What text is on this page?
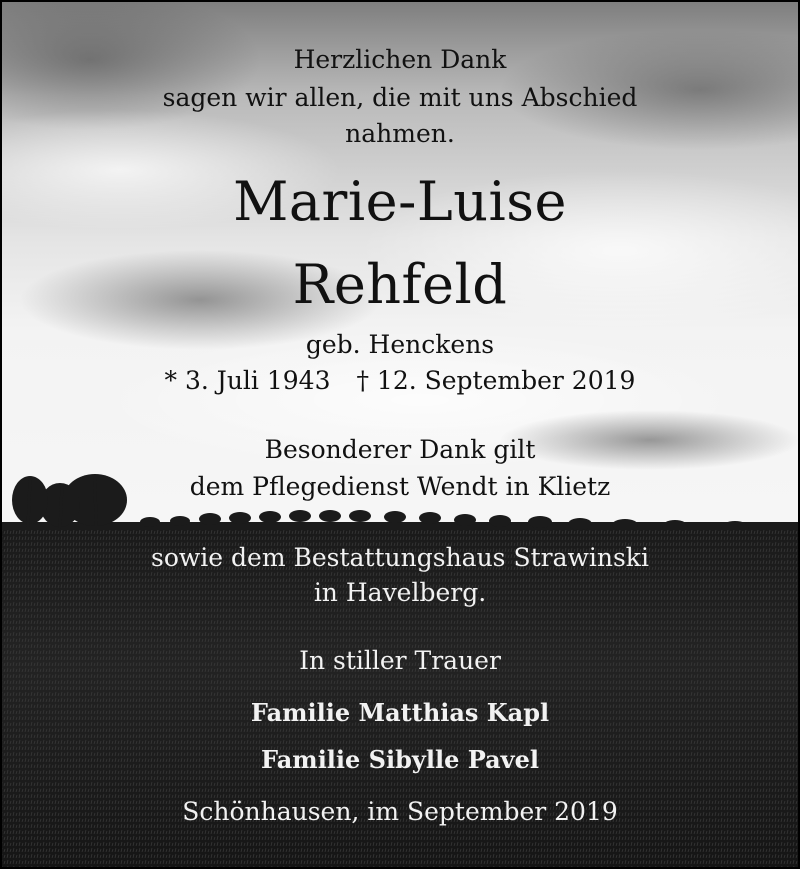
Herzlichen Dank
sagen wir allen, die mit uns Abschied
nahmen.
Marie-Luise
Rehfeld
geb. Henckens
* 3. Juli 1943 † 12. September 2019
Besonderer Dank gilt
dem Pflegedienst Wendt in Klietz
sowie dem Bestattungshaus Strawinski
in Havelberg.
In stiller Trauer
Familie Matthias Kapl
Familie Sibylle Pavel
Schönhausen, im September 2019
